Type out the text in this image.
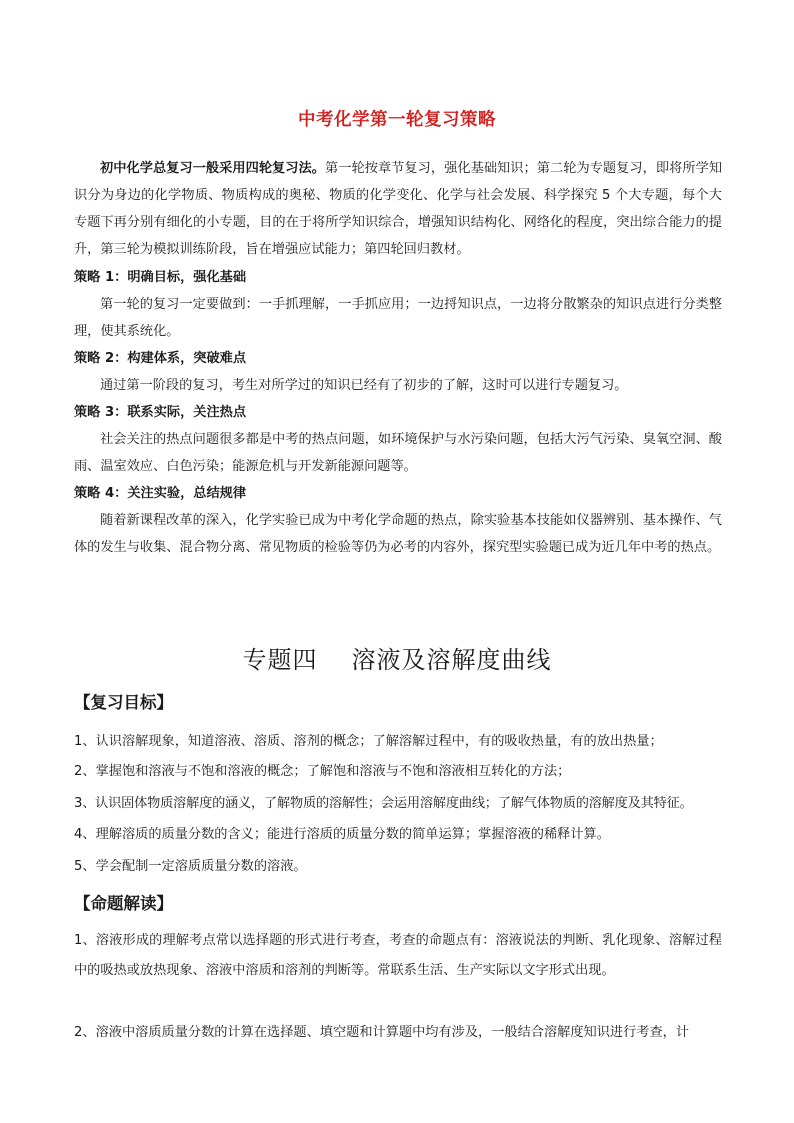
中考化学第一轮复习策略

初中化学总复习一般采用四轮复习法。第一轮按章节复习，强化基础知识；第二轮为专题复习，即将所学知识分为身边的化学物质、物质构成的奥秘、物质的化学变化、化学与社会发展、科学探究 5 个大专题，每个大专题下再分别有细化的小专题，目的在于将所学知识综合，增强知识结构化、网络化的程度，突出综合能力的提升，第三轮为模拟训练阶段，旨在增强应试能力；第四轮回归教材。

策略 1：明确目标，强化基础

第一轮的复习一定要做到：一手抓理解，一手抓应用；一边捋知识点，一边将分散繁杂的知识点进行分类整理，使其系统化。

策略 2：构建体系，突破难点

通过第一阶段的复习，考生对所学过的知识已经有了初步的了解，这时可以进行专题复习。

策略 3：联系实际，关注热点

社会关注的热点问题很多都是中考的热点问题，如环境保护与水污染问题，包括大污气污染、臭氧空洞、酸雨、温室效应、白色污染；能源危机与开发新能源问题等。

策略 4：关注实验，总结规律

随着新课程改革的深入，化学实验已成为中考化学命题的热点，除实验基本技能如仪器辨别、基本操作、气体的发生与收集、混合物分离、常见物质的检验等仍为必考的内容外，探究型实验题已成为近几年中考的热点。

专题四 溶液及溶解度曲线
【复习目标】
1、认识溶解现象，知道溶液、溶质、溶剂的概念；了解溶解过程中，有的吸收热量，有的放出热量；
2、掌握饱和溶液与不饱和溶液的概念；了解饱和溶液与不饱和溶液相互转化的方法；
3、认识固体物质溶解度的涵义，了解物质的溶解性；会运用溶解度曲线；了解气体物质的溶解度及其特征。
4、理解溶质的质量分数的含义；能进行溶质的质量分数的简单运算；掌握溶液的稀释计算。
5、学会配制一定溶质质量分数的溶液。
【命题解读】

1、溶液形成的理解考点常以选择题的形式进行考查，考查的命题点有：溶液说法的判断、乳化现象、溶解过程中的吸热或放热现象、溶液中溶质和溶剂的判断等。常联系生活、生产实际以文字形式出现。

2、溶液中溶质质量分数的计算在选择题、填空题和计算题中均有涉及，一般结合溶解度知识进行考查，计
